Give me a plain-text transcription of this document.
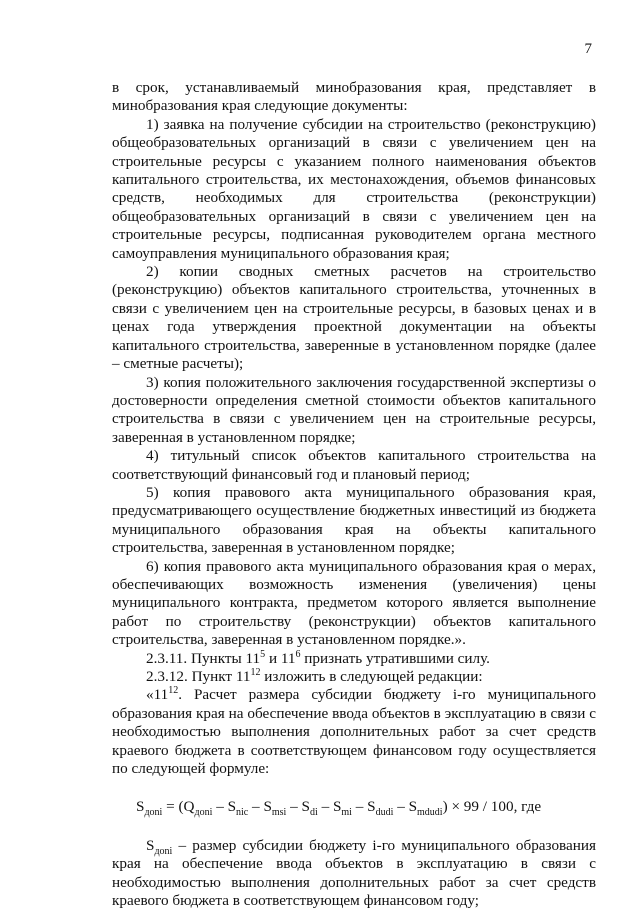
7

в срок, устанавливаемый минобразования края, представляет в минобразования края следующие документы:

1) заявка на получение субсидии на строительство (реконструкцию) общеобразовательных организаций в связи с увеличением цен на строительные ресурсы с указанием полного наименования объектов капитального строительства, их местонахождения, объемов финансовых средств, необходимых для строительства (реконструкции) общеобразовательных организаций в связи с увеличением цен на строительные ресурсы, подписанная руководителем органа местного самоуправления муниципального образования края;

2) копии сводных сметных расчетов на строительство (реконструкцию) объектов капитального строительства, уточненных в связи с увеличением цен на строительные ресурсы, в базовых ценах и в ценах года утверждения проектной документации на объекты капитального строительства, заверенные в установленном порядке (далее – сметные расчеты);

3) копия положительного заключения государственной экспертизы о достоверности определения сметной стоимости объектов капитального строительства в связи с увеличением цен на строительные ресурсы, заверенная в установленном порядке;

4) титульный список объектов капитального строительства на соответствующий финансовый год и плановый период;

5) копия правового акта муниципального образования края, предусматривающего осуществление бюджетных инвестиций из бюджета муниципального образования края на объекты капитального строительства, заверенная в установленном порядке;

6) копия правового акта муниципального образования края о мерах, обеспечивающих возможность изменения (увеличения) цены муниципального контракта, предметом которого является выполнение работ по строительству (реконструкции) объектов капитального строительства, заверенная в установленном порядке.».

2.3.11. Пункты $11^5$ и $11^6$ признать утратившими силу.

2.3.12. Пункт $11^{12}$ изложить в следующей редакции:

«$11^{12}$. Расчет размера субсидии бюджету i-го муниципального образования края на обеспечение ввода объектов в эксплуатацию в связи с необходимостью выполнения дополнительных работ за счет средств краевого бюджета в соответствующем финансовом году осуществляется по следующей формуле:

$S_{доnі} = (Q_{доnі} - S_{nіс} - S_{msі} - S_{dі} - S_{mі} - S_{dudі} - S_{mdudі}) \times 99 / 100$, где

$S_{доnі}$ – размер субсидии бюджету i-го муниципального образования края на обеспечение ввода объектов в эксплуатацию в связи с необходимостью выполнения дополнительных работ за счет средств краевого бюджета в соответствующем финансовом году;
